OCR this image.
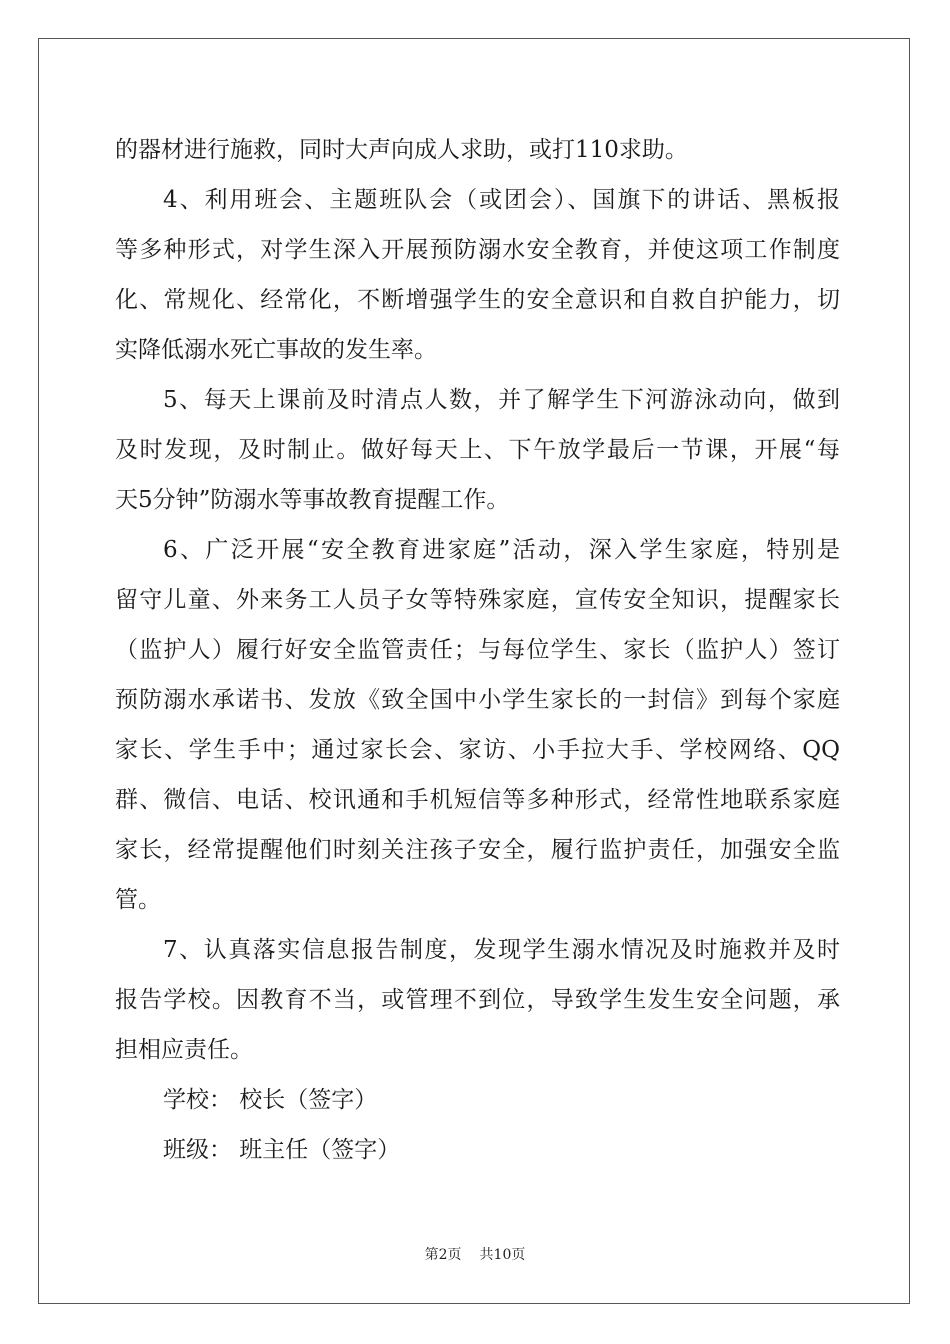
的器材进行施救，同时大声向成人求助，或打110求助。
4、利用班会、主题班队会（或团会）、国旗下的讲话、黑板报
等多种形式，对学生深入开展预防溺水安全教育，并使这项工作制度
化、常规化、经常化，不断增强学生的安全意识和自救自护能力，切
实降低溺水死亡事故的发生率。
5、每天上课前及时清点人数，并了解学生下河游泳动向，做到
及时发现，及时制止。做好每天上、下午放学最后一节课，开展“每
天5分钟”防溺水等事故教育提醒工作。
6、广泛开展“安全教育进家庭”活动，深入学生家庭，特别是
留守儿童、外来务工人员子女等特殊家庭，宣传安全知识，提醒家长
（监护人）履行好安全监管责任；与每位学生、家长（监护人）签订
预防溺水承诺书、发放《致全国中小学生家长的一封信》到每个家庭
家长、学生手中；通过家长会、家访、小手拉大手、学校网络、QQ
群、微信、电话、校讯通和手机短信等多种形式，经常性地联系家庭
家长，经常提醒他们时刻关注孩子安全，履行监护责任，加强安全监
管。
7、认真落实信息报告制度，发现学生溺水情况及时施救并及时
报告学校。因教育不当，或管理不到位，导致学生发生安全问题，承
担相应责任。
学校： 校长（签字）
班级： 班主任（签字）
第2页 共10页
